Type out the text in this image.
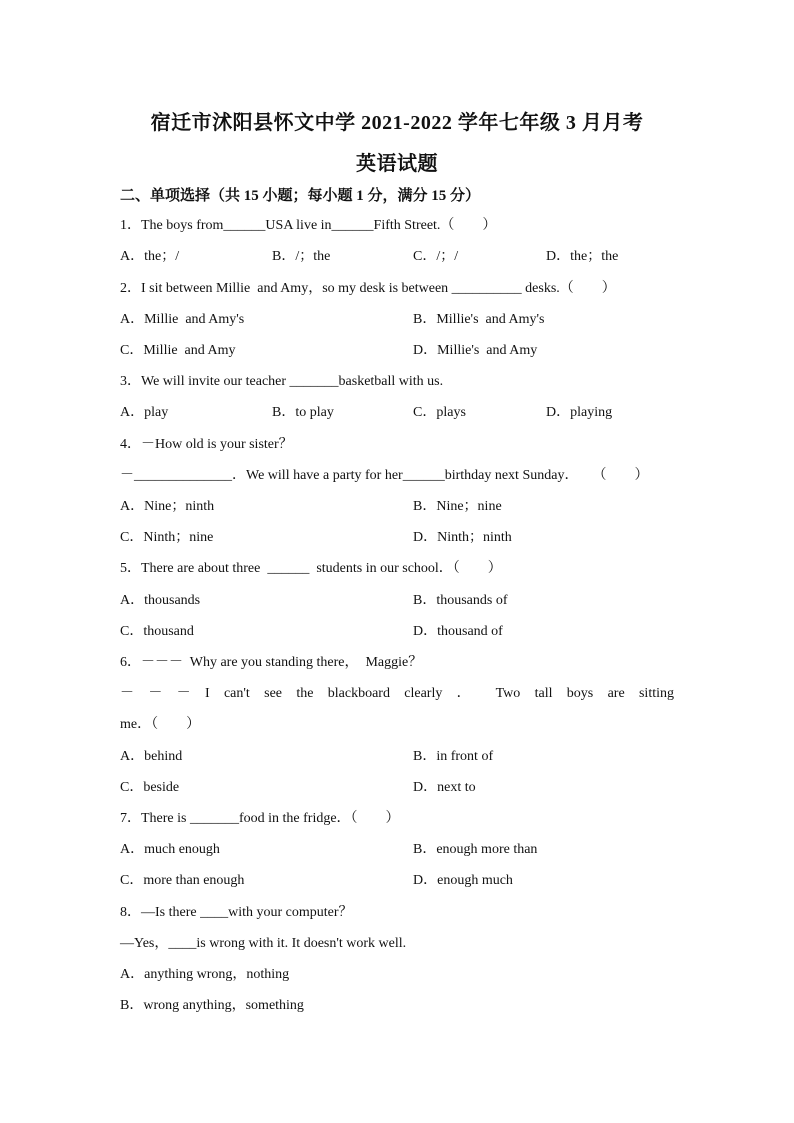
宿迁市沭阳县怀文中学 2021-2022 学年七年级 3 月月考
英语试题
二、单项选择（共 15 小题；每小题 1 分，满分 15 分）
1．The boys from______USA live in______Fifth Street.（　　）
A．the；/	B．/；the	C．/；/	D．the；the
2．I sit between Millie  and Amy，so my desk is between __________ desks.（　　）
A．Millie  and Amy's	B．Millie's  and Amy's
C．Millie  and Amy	D．Millie's  and Amy
3．We will invite our teacher _______basketball with us.
A．play	B．to play	C．plays	D．playing
4．－How old is your sister？
－______________．We will have a party for her______birthday next Sunday．　　（　　）
A．Nine；ninth	B．Nine；nine
C．Ninth；nine	D．Ninth；ninth
5．There are about three  ______  students in our school．（　　）
A．thousands	B．thousands of
C．thousand	D．thousand of
6．－－－  Why are you standing there，  Maggie？
－ － － I can't see the blackboard clearly ． Two tall boys are sitting
me．（　　）
A．behind	B．in front of
C．beside	D．next to
7．There is _______food in the fridge．（　　）
A．much enough	B．enough more than
C．more than enough	D．enough much
8．—Is there ____with your computer？
—Yes，____is wrong with it. It doesn't work well.
A．anything wrong，nothing
B．wrong anything，something
